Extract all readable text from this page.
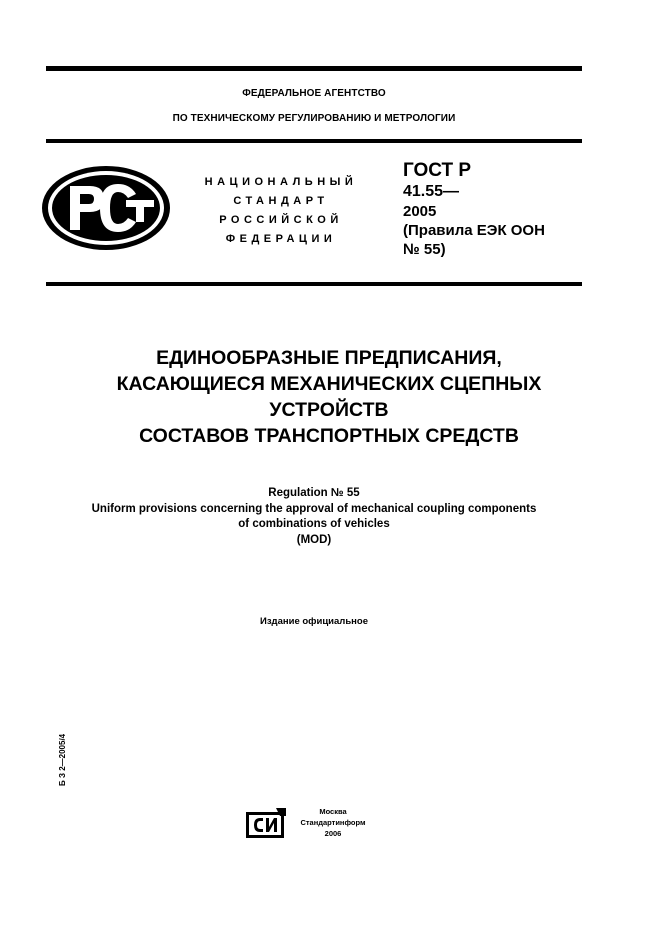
ФЕДЕРАЛЬНОЕ АГЕНТСТВО
ПО ТЕХНИЧЕСКОМУ РЕГУЛИРОВАНИЮ И МЕТРОЛОГИИ
НАЦИОНАЛЬНЫЙ
СТАНДАРТ
РОССИЙСКОЙ
ФЕДЕРАЦИИ
ГОСТ Р
41.55—
2005
(Правила ЕЭК ООН
№ 55)
ЕДИНООБРАЗНЫЕ ПРЕДПИСАНИЯ,
КАСАЮЩИЕСЯ МЕХАНИЧЕСКИХ СЦЕПНЫХ
УСТРОЙСТВ
СОСТАВОВ ТРАНСПОРТНЫХ СРЕДСТВ
Regulation № 55
Uniform provisions concerning the approval of mechanical coupling components
of combinations of vehicles
(MOD)
Издание официальное
Б З 2—2005/4
Москва
Стандартинформ
2006
